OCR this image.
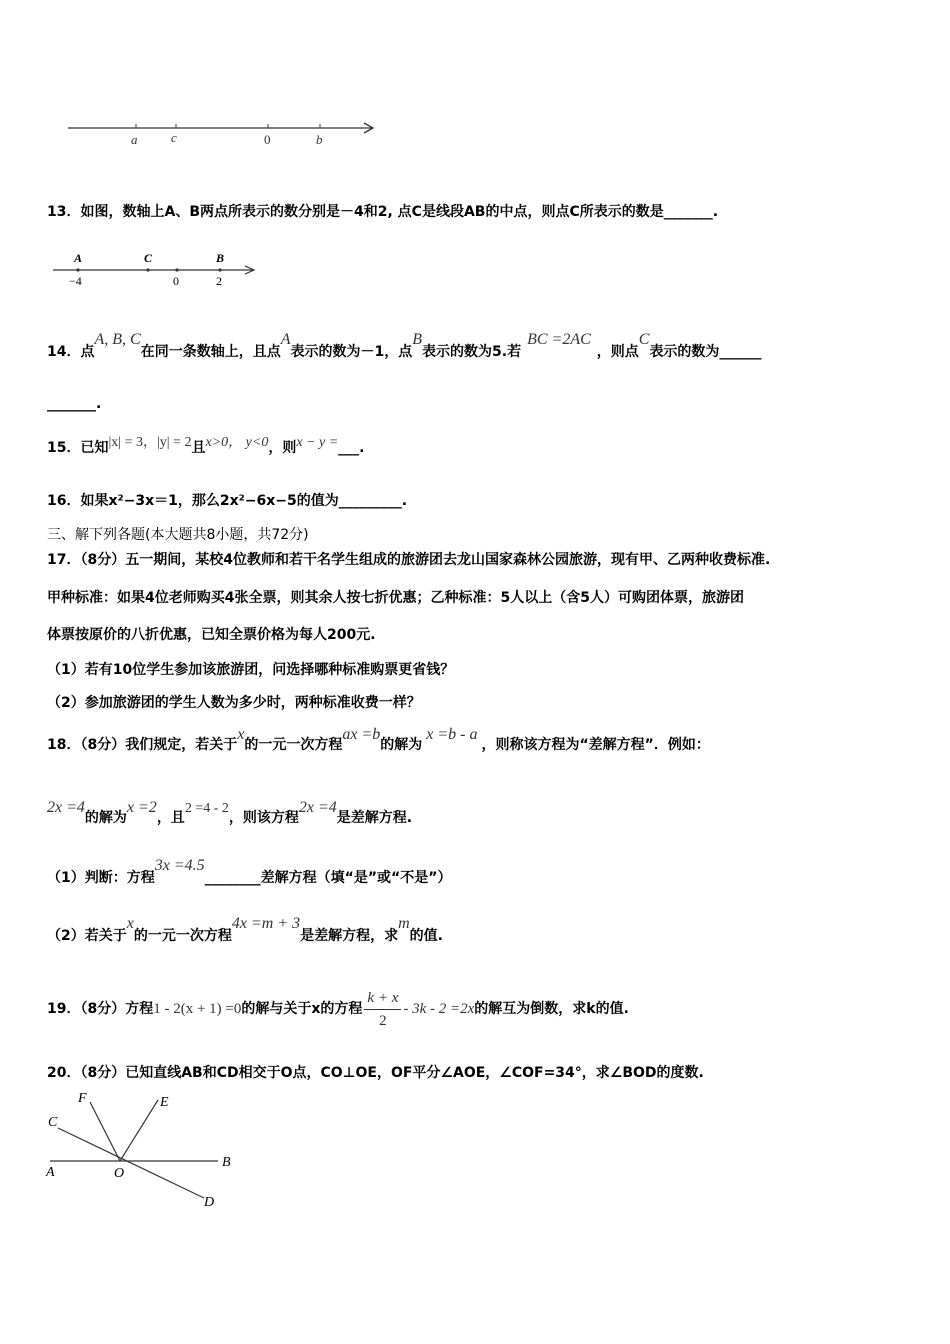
a	c	0	b
13．如图，数轴上A、B两点所表示的数分别是－4和2, 点C是线段AB的中点，则点C所表示的数是_______.
A	C	B
−4	0	2
14．点A, B, C在同一条数轴上，且点A表示的数为－1，点B表示的数为5.若BC =2AC，则点C表示的数为______
_______.
15．已知|x| = 3，|y| = 2且x>0， y<0，则x − y =___.
16．如果x²−3x＝1，那么2x²−6x−5的值为_________.
三、解下列各题(本大题共8小题，共72分)
17．（8分）五一期间，某校4位教师和若干名学生组成的旅游团去龙山国家森林公园旅游，现有甲、乙两种收费标准.
甲种标准：如果4位老师购买4张全票，则其余人按七折优惠；乙种标准：5人以上（含5人）可购团体票，旅游团
体票按原价的八折优惠，已知全票价格为每人200元.
（1）若有10位学生参加该旅游团，问选择哪种标准购票更省钱？
（2）参加旅游团的学生人数为多少时，两种标准收费一样？
18．（8分）我们规定，若关于x的一元一次方程ax =b的解为x =b - a，则称该方程为“差解方程”．例如：
2x =4的解为x =2，且2 =4 - 2，则该方程2x =4是差解方程.
（1）判断：方程3x =4.5________差解方程（填“是”或“不是”）
（2）若关于x的一元一次方程4x =m + 3是差解方程，求m的值.
19．（8分）方程1 - 2(x + 1) =0的解与关于x的方程 $\frac{k + x}{2} - 3k - 2 =2x$的解互为倒数，求k的值.
20．（8分）已知直线AB和CD相交于O点，CO⊥OE，OF平分∠AOE，∠COF=34°，求∠BOD的度数.
F	E
C
A	O
B
D
